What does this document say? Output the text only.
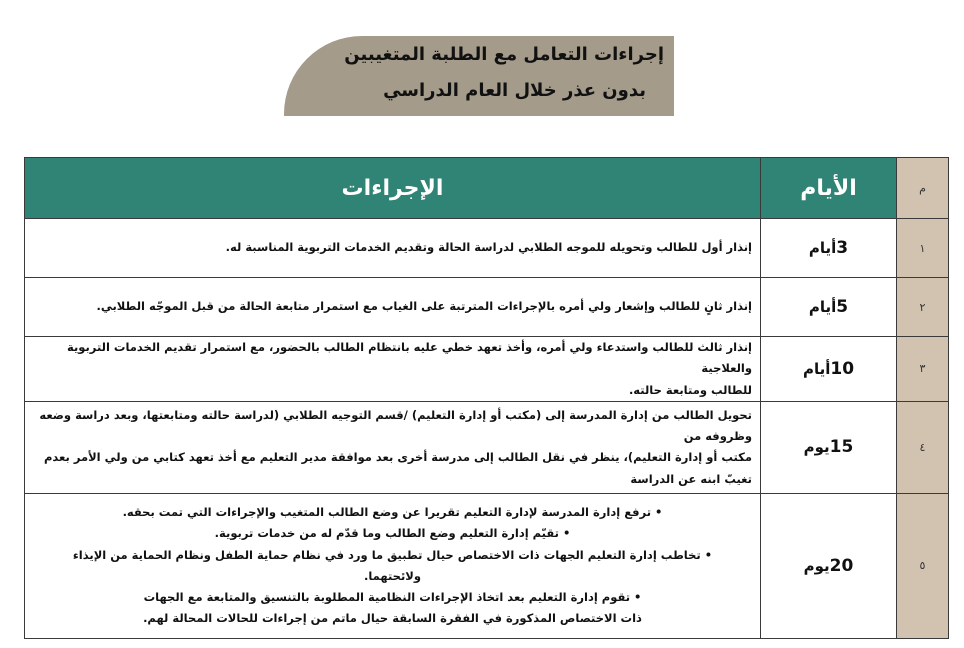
إجراءات التعامل مع الطلبة المتغيبين
بدون عذر خلال العام الدراسي
م	الأيام	الإجراءات
١	3أيام	إنذار أول للطالب وتحويله للموجه الطلابي لدراسة الحالة وتقديم الخدمات التربوية المناسبة له.

٢	5أيام	إنذار ثانٍ للطالب وإشعار ولي أمره بالإجراءات المترتبة على الغياب مع استمرار متابعة الحالة من قبل الموجّه الطلابي.

٣	10أيام	إنذار ثالث للطالب واستدعاء ولي أمره، وأخذ تعهد خطي عليه بانتظام الطالب بالحضور، مع استمرار تقديم الخدمات التربوية والعلاجية
للطالب ومتابعة حالته.

٤	15يوم	تحويل الطالب من إدارة المدرسة إلى (مكتب أو إدارة التعليم) /قسم التوجيه الطلابي (لدراسة حالته ومتابعتها، وبعد دراسة وضعه وظروفه من
مكتب أو إدارة التعليم)، ينظر في نقل الطالب إلى مدرسة أخرى بعد موافقة مدير التعليم مع أخذ تعهد كتابي من ولي الأمر بعدم تغيبّ ابنه عن الدراسة

٥	20يوم	• ترفع إدارة المدرسة لإدارة التعليم تقريرا عن وضع الطالب المتغيب والإجراءات التي تمت بحقه.
• تقيّم إدارة التعليم وضع الطالب وما قدّم له من خدمات تربوية.
• تخاطب إدارة التعليم الجهات ذات الاختصاص حيال تطبيق ما ورد في نظام حماية الطفل ونظام الحماية من الإيذاء ولائحتهما.
• تقوم إدارة التعليم بعد اتخاذ الإجراءات النظامية المطلوبة بالتنسيق والمتابعة مع الجهات
ذات الاختصاص المذكورة في الفقرة السابقة حيال ماتم من إجراءات للحالات المحالة لهم.
